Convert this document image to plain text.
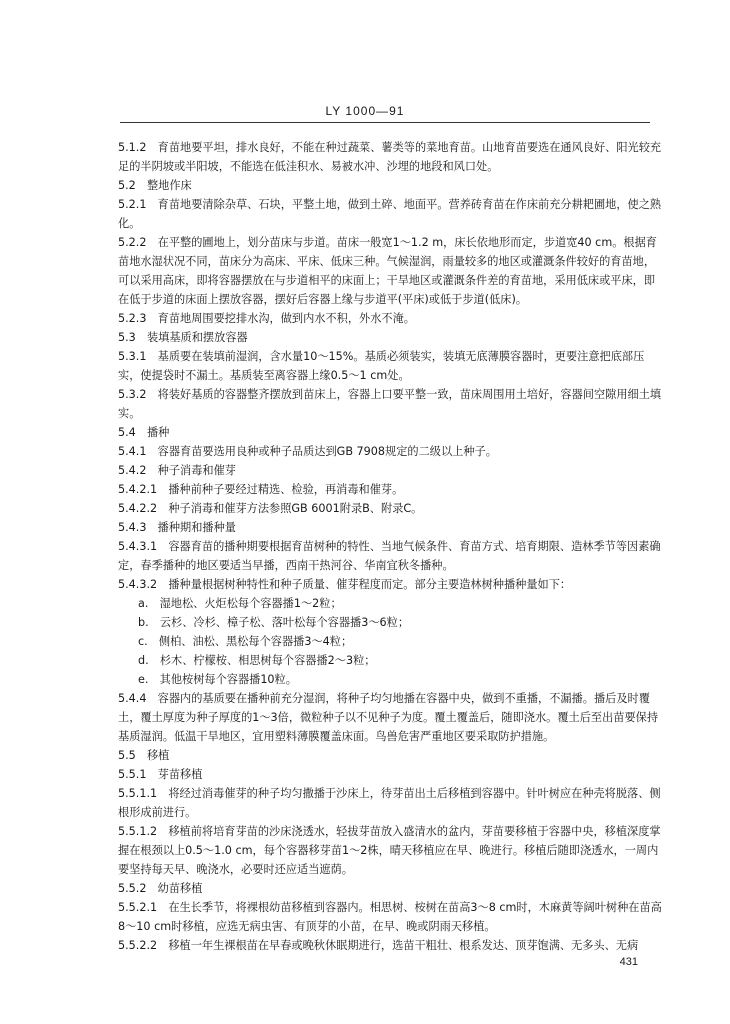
LY 1000—91

5.1.2　育苗地要平坦，排水良好，不能在种过蔬菜、薯类等的菜地育苗。山地育苗要选在通风良好、阳光较充足的半阴坡或半阳坡，不能选在低洼积水、易被水冲、沙埋的地段和风口处。

5.2　整地作床

5.2.1　育苗地要清除杂草、石块，平整土地，做到土碎、地面平。营养砖育苗在作床前充分耕耙圃地，使之熟化。

5.2.2　在平整的圃地上，划分苗床与步道。苗床一般宽1～1.2 m，床长依地形而定，步道宽40 cm。根据育苗地水湿状况不同，苗床分为高床、平床、低床三种。气候湿润，雨量较多的地区或灌溉条件较好的育苗地，可以采用高床，即将容器摆放在与步道相平的床面上；干旱地区或灌溉条件差的育苗地，采用低床或平床，即在低于步道的床面上摆放容器，摆好后容器上缘与步道平(平床)或低于步道(低床)。

5.2.3　育苗地周围要挖排水沟，做到内水不积，外水不淹。

5.3　装填基质和摆放容器

5.3.1　基质要在装填前湿润，含水量10～15%。基质必须装实，装填无底薄膜容器时，更要注意把底部压实，使提袋时不漏土。基质装至离容器上缘0.5～1 cm处。

5.3.2　将装好基质的容器整齐摆放到苗床上，容器上口要平整一致，苗床周围用土培好，容器间空隙用细土填实。

5.4　播种

5.4.1　容器育苗要选用良种或种子品质达到GB 7908规定的二级以上种子。

5.4.2　种子消毒和催芽

5.4.2.1　播种前种子要经过精选、检验，再消毒和催芽。

5.4.2.2　种子消毒和催芽方法参照GB 6001附录B、附录C。

5.4.3　播种期和播种量

5.4.3.1　容器育苗的播种期要根据育苗树种的特性、当地气候条件、育苗方式、培育期限、造林季节等因素确定，春季播种的地区要适当早播，西南干热河谷、华南宜秋冬播种。

5.4.3.2　播种量根据树种特性和种子质量、催芽程度而定。部分主要造林树种播种量如下：

a.　湿地松、火炬松每个容器播1～2粒；

b.　云杉、冷杉、樟子松、落叶松每个容器播3～6粒；

c.　侧柏、油松、黑松每个容器播3～4粒；

d.　杉木、柠檬桉、相思树每个容器播2～3粒；

e.　其他桉树每个容器播10粒。

5.4.4　容器内的基质要在播种前充分湿润，将种子均匀地播在容器中央，做到不重播，不漏播。播后及时覆土，覆土厚度为种子厚度的1～3倍，微粒种子以不见种子为度。覆土覆盖后，随即浇水。覆土后至出苗要保持基质湿润。低温干旱地区，宜用塑料薄膜覆盖床面。鸟兽危害严重地区要采取防护措施。

5.5　移植

5.5.1　芽苗移植

5.5.1.1　将经过消毒催芽的种子均匀撒播于沙床上，待芽苗出土后移植到容器中。针叶树应在种壳将脱落、侧根形成前进行。

5.5.1.2　移植前将培育芽苗的沙床浇透水，轻拔芽苗放入盛清水的盆内，芽苗要移植于容器中央，移植深度掌握在根颈以上0.5～1.0 cm，每个容器移芽苗1～2株，晴天移植应在早、晚进行。移植后随即浇透水，一周内要坚持每天早、晚浇水，必要时还应适当遮荫。

5.5.2　幼苗移植

5.5.2.1　在生长季节，将裸根幼苗移植到容器内。相思树、桉树在苗高3～8 cm时，木麻黄等阔叶树种在苗高8～10 cm时移植，应选无病虫害、有顶芽的小苗，在早、晚或阴雨天移植。

5.5.2.2　移植一年生裸根苗在早春或晚秋休眠期进行，选苗干粗壮、根系发达、顶芽饱满、无多头、无病

431
